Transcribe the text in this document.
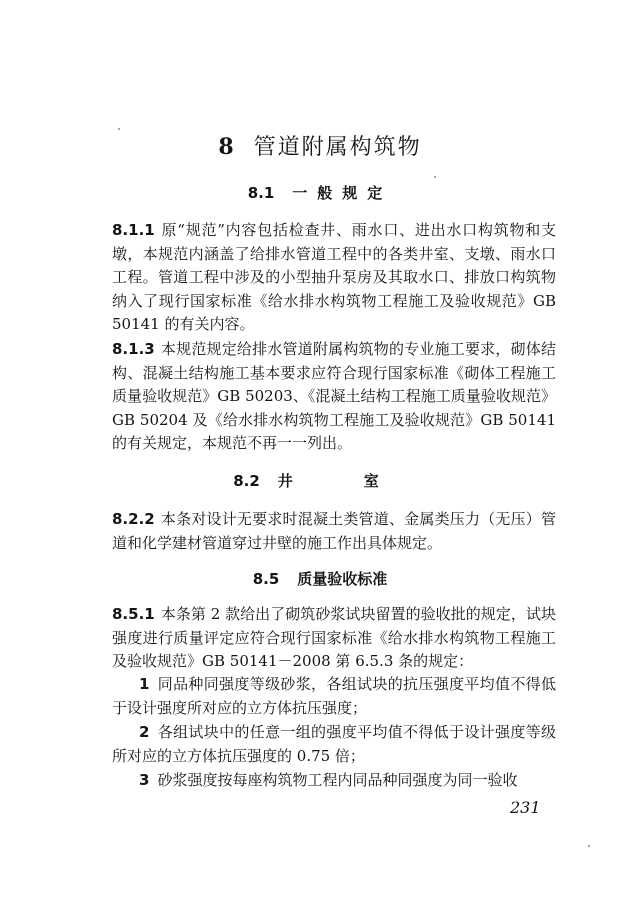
8 管道附属构筑物
8.1 一般规定
8.1.1 原“规范”内容包括检查井、雨水口、进出水口构筑物和支墩，本规范内涵盖了给排水管道工程中的各类井室、支墩、雨水口工程。管道工程中涉及的小型抽升泵房及其取水口、排放口构筑物纳入了现行国家标准《给水排水构筑物工程施工及验收规范》GB 50141 的有关内容。
8.1.3 本规范规定给排水管道附属构筑物的专业施工要求，砌体结构、混凝土结构施工基本要求应符合现行国家标准《砌体工程施工质量验收规范》GB 50203、《混凝土结构工程施工质量验收规范》GB 50204 及《给水排水构筑物工程施工及验收规范》GB 50141 的有关规定，本规范不再一一列出。
8.2 井　室
8.2.2 本条对设计无要求时混凝土类管道、金属类压力（无压）管道和化学建材管道穿过井壁的施工作出具体规定。
8.5 质量验收标准
8.5.1 本条第 2 款给出了砌筑砂浆试块留置的验收批的规定，试块强度进行质量评定应符合现行国家标准《给水排水构筑物工程施工及验收规范》GB 50141－2008 第 6.5.3 条的规定：
1 同品种同强度等级砂浆，各组试块的抗压强度平均值不得低于设计强度所对应的立方体抗压强度；
2 各组试块中的任意一组的强度平均值不得低于设计强度等级所对应的立方体抗压强度的 0.75 倍；
3 砂浆强度按每座构筑物工程内同品种同强度为同一验收
231
